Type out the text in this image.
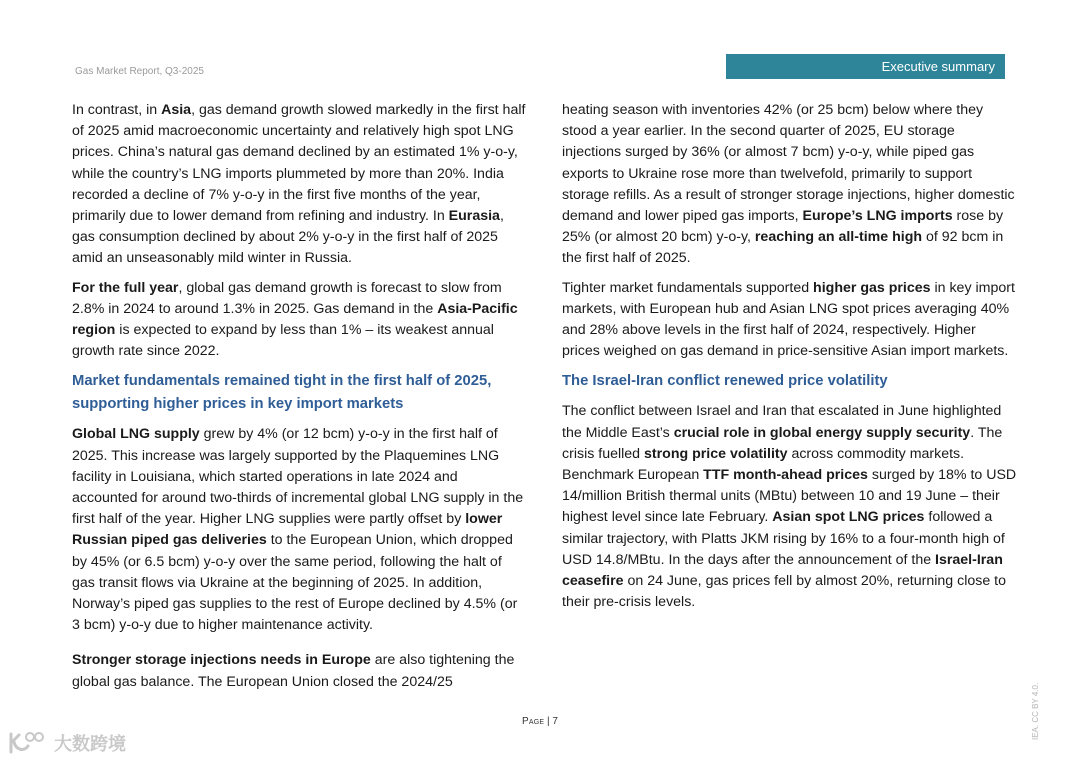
Gas Market Report, Q3-2025	Executive summary

In contrast, in Asia, gas demand growth slowed markedly in the first half of 2025 amid macroeconomic uncertainty and relatively high spot LNG prices. China’s natural gas demand declined by an estimated 1% y-o-y, while the country’s LNG imports plummeted by more than 20%. India recorded a decline of 7% y-o-y in the first five months of the year, primarily due to lower demand from refining and industry. In Eurasia, gas consumption declined by about 2% y-o-y in the first half of 2025 amid an unseasonably mild winter in Russia.

For the full year, global gas demand growth is forecast to slow from 2.8% in 2024 to around 1.3% in 2025. Gas demand in the Asia-Pacific region is expected to expand by less than 1% – its weakest annual growth rate since 2022.

Market fundamentals remained tight in the first half of 2025, supporting higher prices in key import markets

Global LNG supply grew by 4% (or 12 bcm) y-o-y in the first half of 2025. This increase was largely supported by the Plaquemines LNG facility in Louisiana, which started operations in late 2024 and accounted for around two-thirds of incremental global LNG supply in the first half of the year. Higher LNG supplies were partly offset by lower Russian piped gas deliveries to the European Union, which dropped by 45% (or 6.5 bcm) y-o-y over the same period, following the halt of gas transit flows via Ukraine at the beginning of 2025. In addition, Norway’s piped gas supplies to the rest of Europe declined by 4.5% (or 3 bcm) y-o-y due to higher maintenance activity.

Stronger storage injections needs in Europe are also tightening the global gas balance. The European Union closed the 2024/25

heating season with inventories 42% (or 25 bcm) below where they stood a year earlier. In the second quarter of 2025, EU storage injections surged by 36% (or almost 7 bcm) y-o-y, while piped gas exports to Ukraine rose more than twelvefold, primarily to support storage refills. As a result of stronger storage injections, higher domestic demand and lower piped gas imports, Europe’s LNG imports rose by 25% (or almost 20 bcm) y-o-y, reaching an all-time high of 92 bcm in the first half of 2025.

Tighter market fundamentals supported higher gas prices in key import markets, with European hub and Asian LNG spot prices averaging 40% and 28% above levels in the first half of 2024, respectively. Higher prices weighed on gas demand in price-sensitive Asian import markets.

The Israel-Iran conflict renewed price volatility

The conflict between Israel and Iran that escalated in June highlighted the Middle East’s crucial role in global energy supply security. The crisis fuelled strong price volatility across commodity markets. Benchmark European TTF month-ahead prices surged by 18% to USD 14/million British thermal units (MBtu) between 10 and 19 June – their highest level since late February. Asian spot LNG prices followed a similar trajectory, with Platts JKM rising by 16% to a four-month high of USD 14.8/MBtu. In the days after the announcement of the Israel-Iran ceasefire on 24 June, gas prices fell by almost 20%, returning close to their pre-crisis levels.

Page | 7	IEA. CC BY 4.0.
大数跨境
